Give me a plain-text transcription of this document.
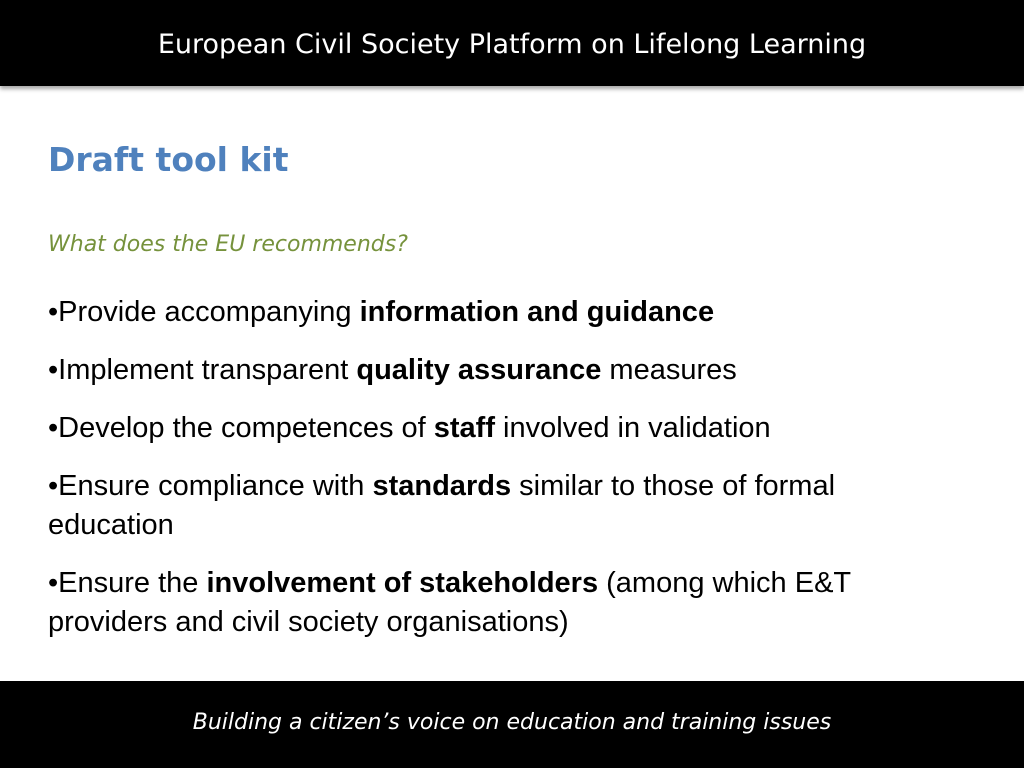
European Civil Society Platform on Lifelong Learning
Draft tool kit
What does the EU recommends?
•Provide accompanying information and guidance
•Implement transparent quality assurance measures
•Develop the competences of staff involved in validation
•Ensure compliance with standards similar to those of formal education
•Ensure the involvement of stakeholders (among which E&T providers and civil society organisations)
Building a citizen’s voice on education and training issues
